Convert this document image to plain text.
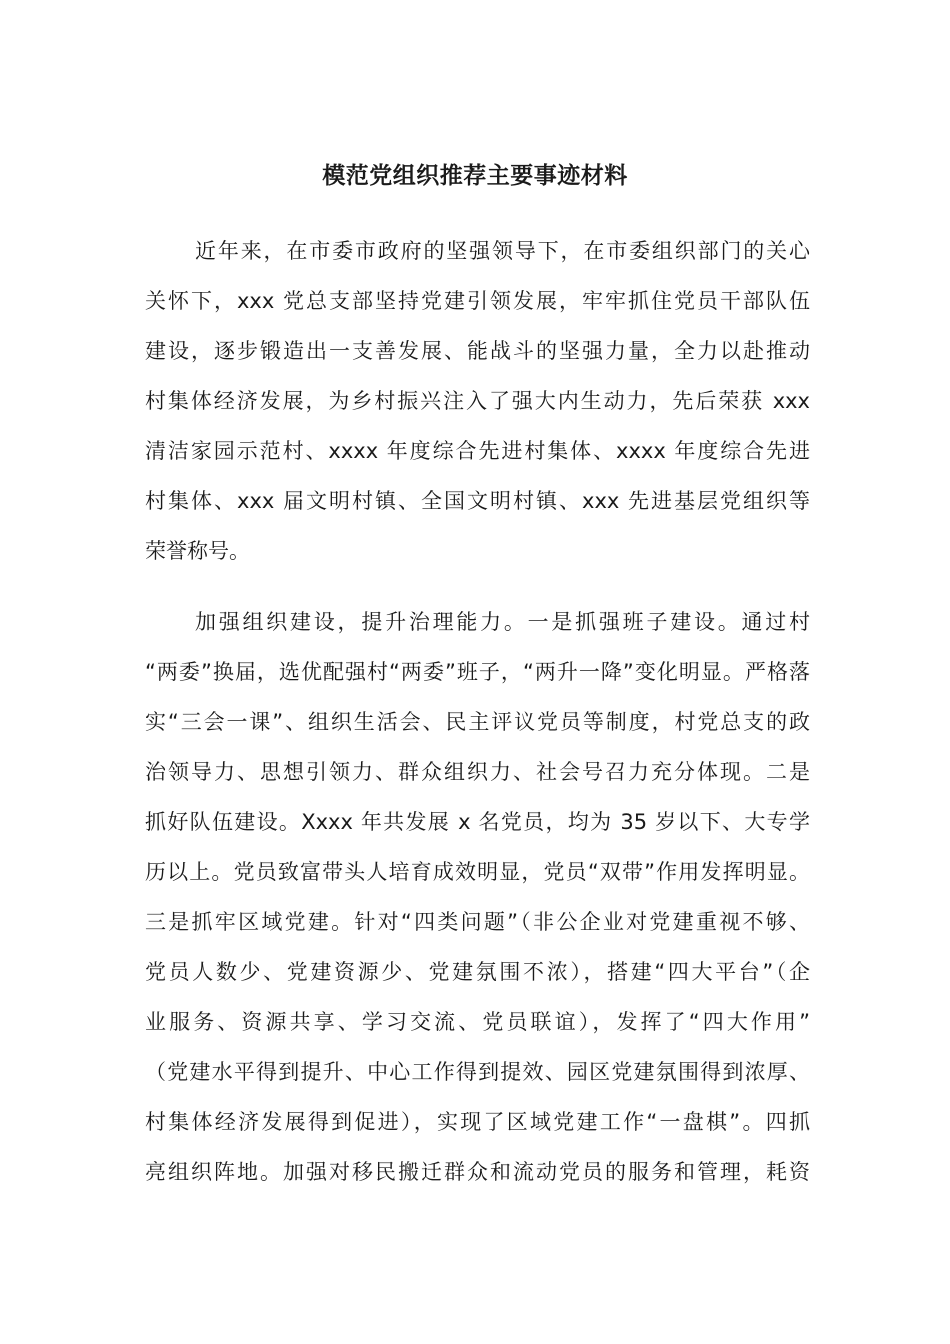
模范党组织推荐主要事迹材料
近年来，在市委市政府的坚强领导下，在市委组织部门的关心
关怀下，xxx 党总支部坚持党建引领发展，牢牢抓住党员干部队伍
建设，逐步锻造出一支善发展、能战斗的坚强力量，全力以赴推动
村集体经济发展，为乡村振兴注入了强大内生动力，先后荣获 xxx
清洁家园示范村、xxxx 年度综合先进村集体、xxxx 年度综合先进
村集体、xxx 届文明村镇、全国文明村镇、xxx 先进基层党组织等
荣誉称号。
加强组织建设，提升治理能力。一是抓强班子建设。通过村
“两委”换届，选优配强村“两委”班子，“两升一降”变化明显。严格落
实“三会一课”、组织生活会、民主评议党员等制度，村党总支的政
治领导力、思想引领力、群众组织力、社会号召力充分体现。二是
抓好队伍建设。Xxxx 年共发展 x 名党员，均为 35 岁以下、大专学
历以上。党员致富带头人培育成效明显，党员“双带”作用发挥明显。
三是抓牢区域党建。针对“四类问题”（非公企业对党建重视不够、
党员人数少、党建资源少、党建氛围不浓），搭建“四大平台”（企
业服务、资源共享、学习交流、党员联谊），发挥了“四大作用”
（党建水平得到提升、中心工作得到提效、园区党建氛围得到浓厚、
村集体经济发展得到促进），实现了区域党建工作“一盘棋”。四抓
亮组织阵地。加强对移民搬迁群众和流动党员的服务和管理，耗资
